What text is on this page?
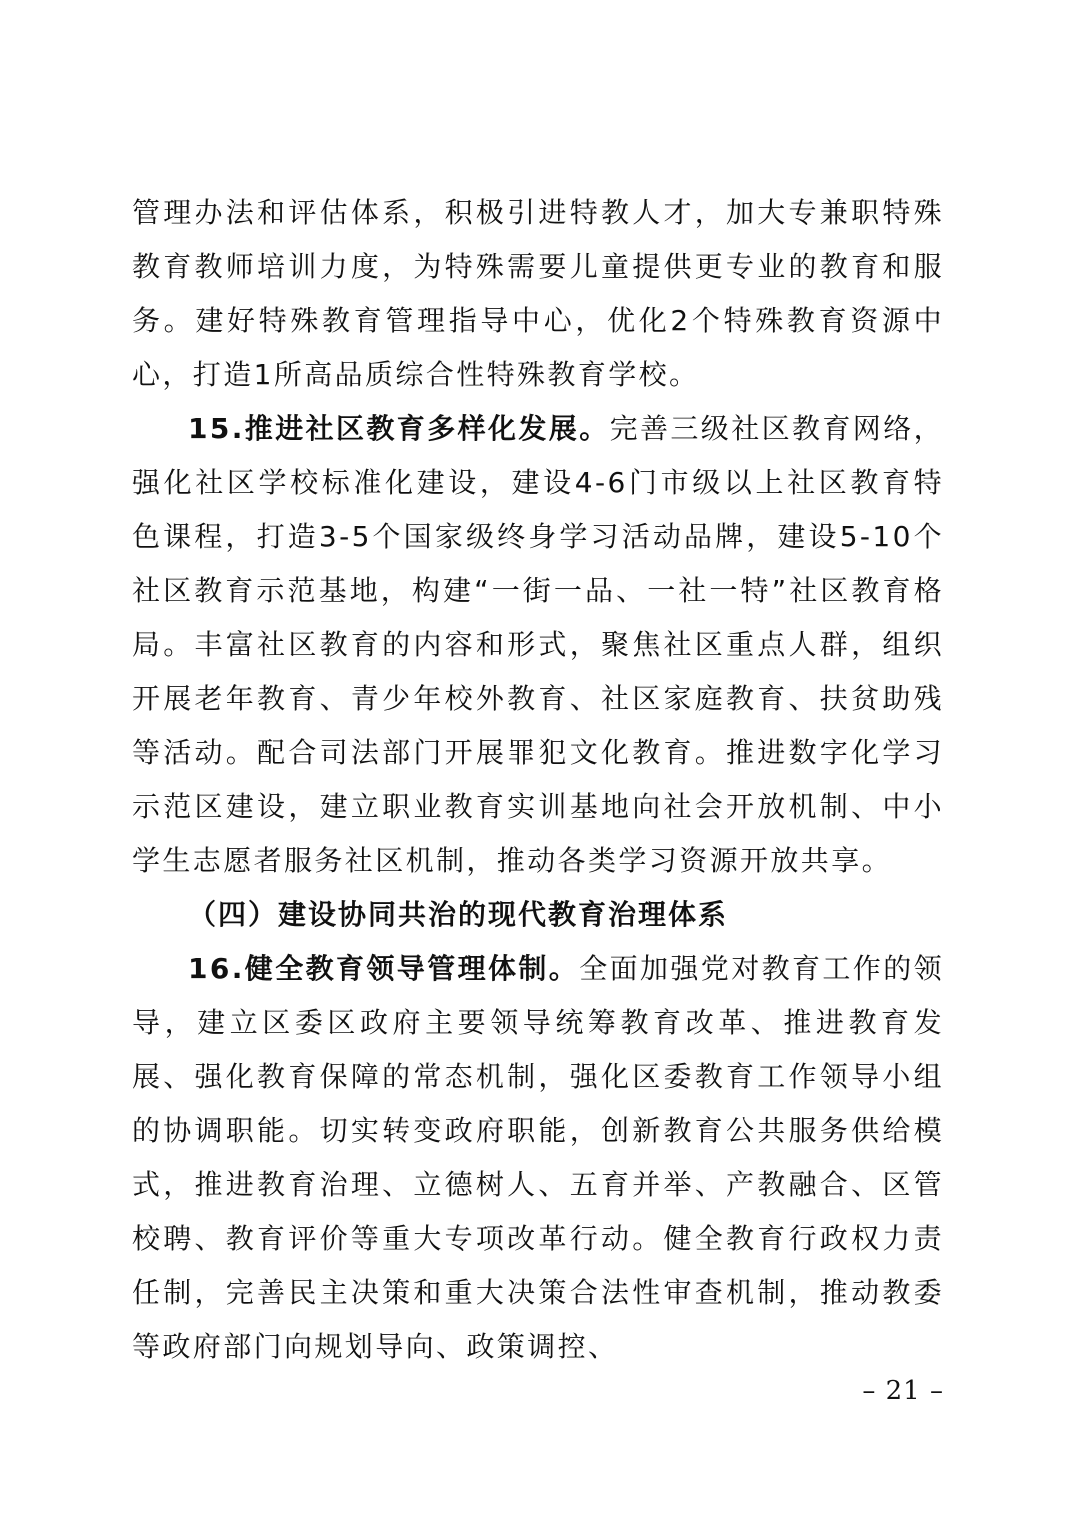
管理办法和评估体系，积极引进特教人才，加大专兼职特殊教育教师培训力度，为特殊需要儿童提供更专业的教育和服务。建好特殊教育管理指导中心，优化2个特殊教育资源中心，打造1所高品质综合性特殊教育学校。

15.推进社区教育多样化发展。完善三级社区教育网络，强化社区学校标准化建设，建设4-6门市级以上社区教育特色课程，打造3-5个国家级终身学习活动品牌，建设5-10个社区教育示范基地，构建“一街一品、一社一特”社区教育格局。丰富社区教育的内容和形式，聚焦社区重点人群，组织开展老年教育、青少年校外教育、社区家庭教育、扶贫助残等活动。配合司法部门开展罪犯文化教育。推进数字化学习示范区建设，建立职业教育实训基地向社会开放机制、中小学生志愿者服务社区机制，推动各类学习资源开放共享。

（四）建设协同共治的现代教育治理体系

16.健全教育领导管理体制。全面加强党对教育工作的领导，建立区委区政府主要领导统筹教育改革、推进教育发展、强化教育保障的常态机制，强化区委教育工作领导小组的协调职能。切实转变政府职能，创新教育公共服务供给模式，推进教育治理、立德树人、五育并举、产教融合、区管校聘、教育评价等重大专项改革行动。健全教育行政权力责任制，完善民主决策和重大决策合法性审查机制，推动教委等政府部门向规划导向、政策调控、

– 21 –
